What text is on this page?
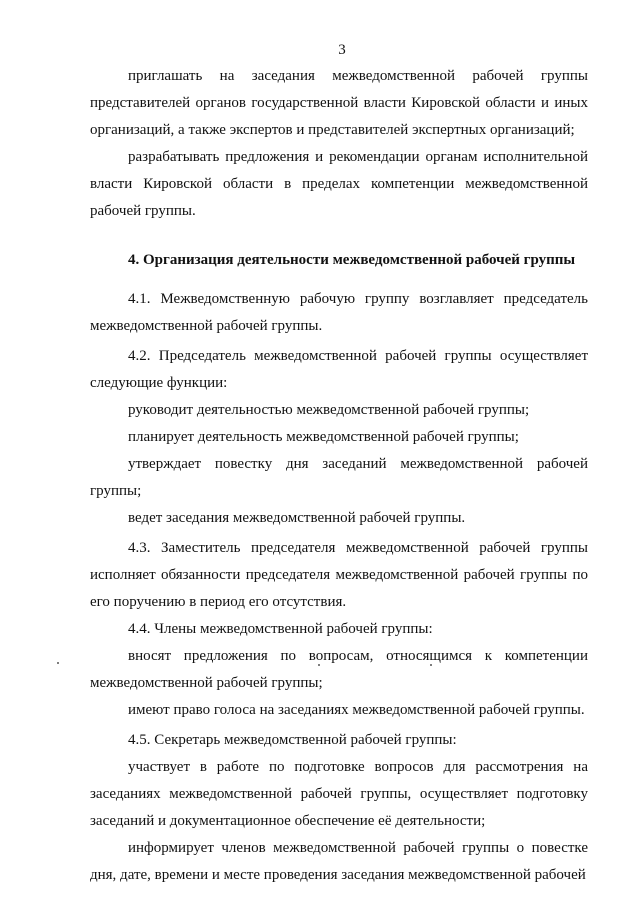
3

приглашать на заседания межведомственной рабочей группы представителей органов государственной власти Кировской области и иных организаций, а также экспертов и представителей экспертных организаций;

разрабатывать предложения и рекомендации органам исполнительной власти Кировской области в пределах компетенции межведомственной рабочей группы.

4. Организация деятельности межведомственной рабочей группы

4.1. Межведомственную рабочую группу возглавляет председатель межведомственной рабочей группы.

4.2. Председатель межведомственной рабочей группы осуществляет следующие функции:

руководит деятельностью межведомственной рабочей группы;

планирует деятельность межведомственной рабочей группы;

утверждает повестку дня заседаний межведомственной рабочей группы;

ведет заседания межведомственной рабочей группы.

4.3. Заместитель председателя межведомственной рабочей группы исполняет обязанности председателя межведомственной рабочей группы по его поручению в период его отсутствия.

4.4. Члены межведомственной рабочей группы:

вносят предложения по вопросам, относящимся к компетенции межведомственной рабочей группы;

имеют право голоса на заседаниях межведомственной рабочей группы.

4.5. Секретарь межведомственной рабочей группы:

участвует в работе по подготовке вопросов для рассмотрения на заседаниях межведомственной рабочей группы, осуществляет подготовку заседаний и документационное обеспечение её деятельности;

информирует членов межведомственной рабочей группы о повестке дня, дате, времени и месте проведения заседания межведомственной рабочей
